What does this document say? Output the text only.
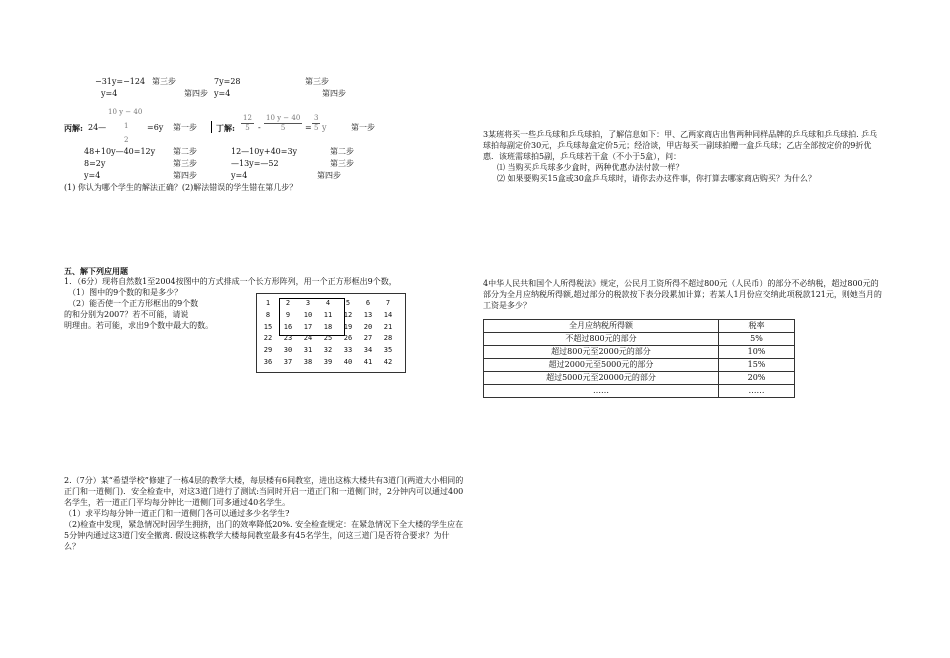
−31y=−124 第三步	7y=28	第三步
y=4	第四步 y=4	第四步
丙解: 24—
10 y − 40
1
2
=6y 第一步
48+10y—40=12y 第二步
8=2y	第三步
y=4	第四步
丁解: $\frac{12}{5} - \frac{10 y - 40}{5} = \frac{3}{5}$ y	第一步
12—10y+40=3y	第二步
—13y=—52	第三步
y=4	第四步
(1) 你认为哪个学生的解法正确？(2)解法错误的学生错在第几步？
五、解下列应用题
1．（6分）现将自然数1至2004按图中的方式排成一个长方形阵列，用一个正方形框出9个数，
（1）图中的9个数的和是多少？
（2）能否使一个正方形框出的9个数
的和分别为2007？若不可能，请说
明理由。若可能，求出9个数中最大的数。
1	2	3	4	5	6	7
8	9	10	11	12	13	14
15	16	17	18	19	20	21
22	23	24	25	26	27	28
29	30	31	32	33	34	35
36	37	38	39	40	41	42
2.（7分）某“希望学校”修建了一栋4层的教学大楼，每层楼有6间教室，进出这栋大楼共有3道门(两道大小相同的正门和一道侧门)．安全检查中，对这3道门进行了测试:当同时开启一道正门和一道侧门时，2分钟内可以通过400名学生，若一道正门平均每分钟比一道侧门可多通过40名学生。
（1）求平均每分钟一道正门和一道侧门各可以通过多少名学生?
（2)检查中发现，紧急情况时因学生拥挤，出门的效率降低20%. 安全检查规定：在紧急情况下全大楼的学生应在5分钟内通过这3道门安全撤离. 假设这栋教学大楼每间教室最多有45名学生，问这三道门是否符合要求？为什么？
3某班将买一些乒乓球和乒乓球拍，了解信息如下：甲、乙两家商店出售两种同样品牌的乒乓球和乒乓球拍. 乒乓球拍每副定价30元，乒乓球每盒定价5元；经洽谈，甲店每买一副球拍赠一盒乒乓球；乙店全部按定价的9折优惠．该班需球拍5副，乒乓球若干盒（不小于5盒），问：
⑴ 当购买乒乓球多少盒时，两种优惠办法付款一样？
⑵ 如果要购买15盒或30盒乒乓球时，请你去办这件事，你打算去哪家商店购买？为什么？
4中华人民共和国个人所得税法》规定，公民月工资所得不超过800元（人民币）的部分不必纳税，超过800元的部分为全月应纳税所得额,超过部分的税款按下表分段累加计算；若某人1月份应交纳此项税款121元，则她当月的工资是多少？
全月应纳税所得额	税率
不超过800元的部分	5%
超过800元至2000元的部分	10%
超过2000元至5000元的部分	15%
超过5000元至20000元的部分	20%
……	……
